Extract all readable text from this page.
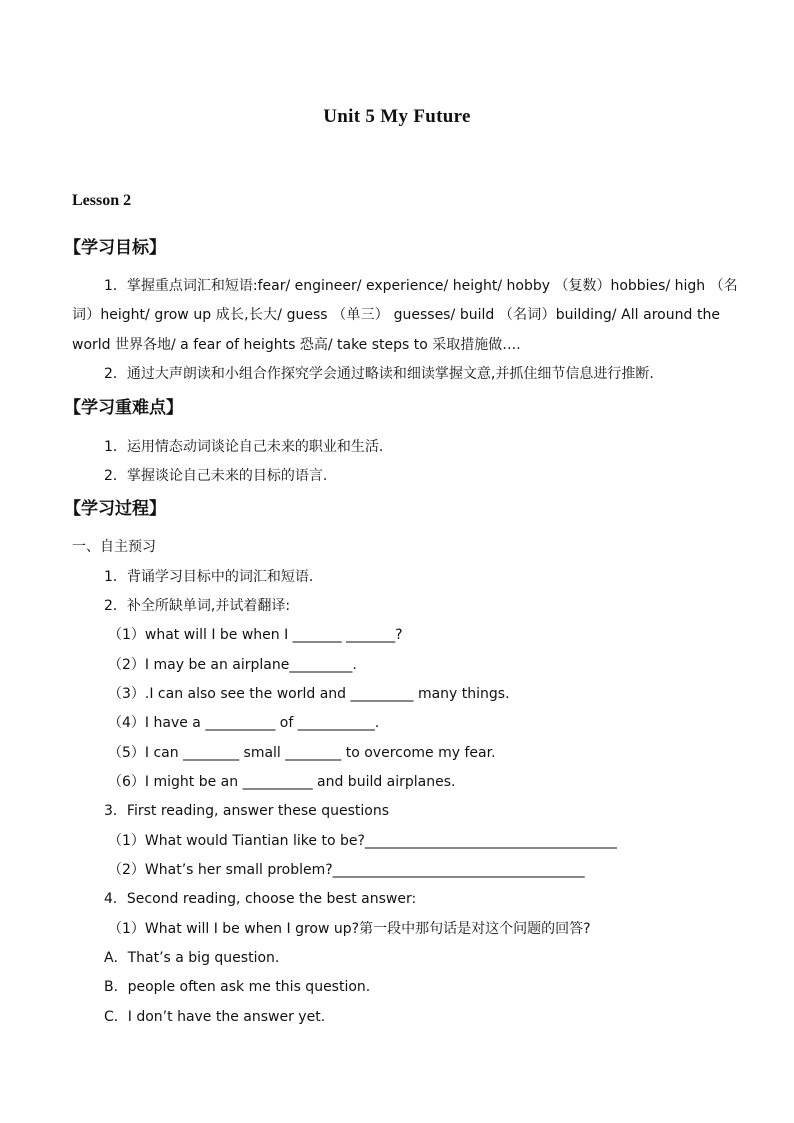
Unit 5 My Future
Lesson 2
【学习目标】
1．掌握重点词汇和短语:fear/ engineer/ experience/ height/ hobby （复数）hobbies/ high （名
词）height/ grow up 成长,长大/ guess （单三） guesses/ build （名词）building/ All around the
world 世界各地/ a fear of heights 恐高/ take steps to 采取措施做….
2．通过大声朗读和小组合作探究学会通过略读和细读掌握文意,并抓住细节信息进行推断.
【学习重难点】
1．运用情态动词谈论自己未来的职业和生活.
2．掌握谈论自己未来的目标的语言.
【学习过程】
一、自主预习
1．背诵学习目标中的词汇和短语.
2．补全所缺单词,并试着翻译:
（1）what will I be when I _______ _______?
（2）I may be an airplane_________.
（3）.I can also see the world and _________ many things.
（4）I have a __________ of ___________.
（5）I can ________ small ________ to overcome my fear.
（6）I might be an __________ and build airplanes.
3．First reading, answer these questions
（1）What would Tiantian like to be?____________________________________
（2）What’s her small problem?____________________________________
4．Second reading, choose the best answer:
（1）What will I be when I grow up?第一段中那句话是对这个问题的回答?
A．That’s a big question.
B．people often ask me this question.
C．I don’t have the answer yet.
